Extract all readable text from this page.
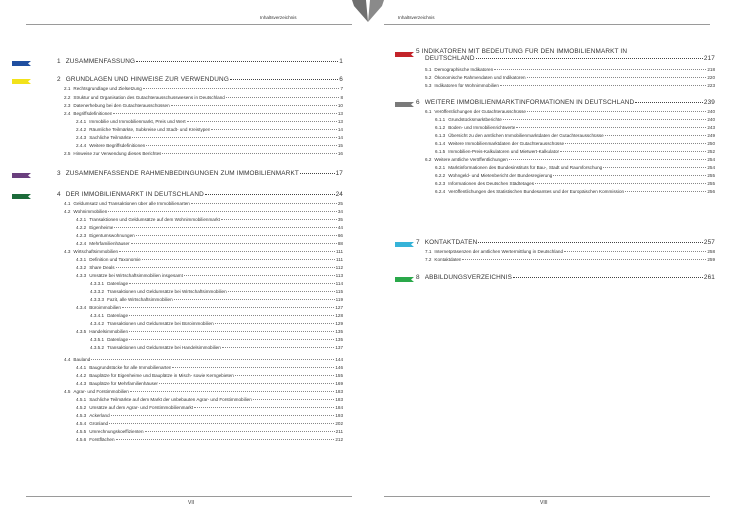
Inhaltsverzeichnis
1 ZUSAMMENFASSUNG	1
2 GRUNDLAGEN UND HINWEISE ZUR VERWENDUNG	6
2.1 Rechtsgrundlage und Zielsetzung	7
2.2 Struktur und Organisation des Gutachterausschusswesens in Deutschland	8
2.3 Datenerhebung bei den Gutachterausschüssen	10
2.4 Begriffsdefinitionen	13
2.4.1 Immobilie und Immobilienmarkt, Preis und Wert	13
2.4.2 Räumliche Teilmärkte, Subkreise und Stadt- und Kreistypen	14
2.4.3 Sachliche Teilmärkte	14
2.4.4 Weitere Begriffsdefinitionen	15
2.5 Hinweise zur Verwendung dieses Berichtes	16
3 ZUSAMMENFASSENDE RAHMENBEDINGUNGEN ZUM IMMOBILIENMARKT	17
4 DER IMMOBILIENMARKT IN DEUTSCHLAND	24
4.1 Geldumsatz und Transaktionen über alle Immobilienarten	25
4.2 Wohnimmobilien	34
4.2.1 Transaktionen und Geldumsätze auf dem Wohnimmobilienmarkt	35
4.2.2 Eigenheime	44
4.2.3 Eigentumswohnungen	66
4.2.4 Mehrfamilienhäuser	88
4.3 Wirtschaftsimmobilien	111
4.3.1 Definition und Taxonomie	111
4.3.2 Share Deals	112
4.3.3 Umsätze bei Wirtschaftsimmobilien insgesamt	113
4.3.3.1 Datenlage	114
4.3.3.2 Transaktionen und Geldumsätze bei Wirtschaftsimmobilien	115
4.3.3.3 Fazit, alle Wirtschaftsimmobilien	119
4.3.4 Büroimmobilien	127
4.3.4.1 Datenlage	128
4.3.4.2 Transaktionen und Geldumsätze bei Büroimmobilien	129
4.3.5 Handelsimmobilien	135
4.3.5.1 Datenlage	135
4.3.5.2 Transaktionen und Geldumsätze bei Handelsimmobilien	137
4.4 Bauland	144
4.4.1 Baugrundstücke für alle Immobilienarten	146
4.4.2 Bauplätze für Eigenheime und Bauplätze in Misch- sowie Kerngebieten	155
4.4.3 Bauplätze für Mehrfamilienhäuser	169
4.5 Agrar- und Forstimmobilien	183
4.5.1 Sachliche Teilmärkte auf dem Markt der unbebauten Agrar- und Forstimmobilien	183
4.5.2 Umsätze auf dem Agrar- und Forstimmobilienmarkt	184
4.5.3 Ackerland	193
4.5.4 Grünland	202
4.5.5 Umrechnungskoeffizienten	211
4.5.6 Forstflächen	212
VII
Inhaltsverzeichnis
5 INDIKATOREN MIT BEDEUTUNG FÜR DEN IMMOBILIENMARKT IN
DEUTSCHLAND	217
5.1 Demographische Indikatoren	218
5.2 Ökonomische Rahmendaten und Indikatoren	220
5.3 Indikatoren für Wohnimmobilien	223
6 WEITERE IMMOBILIENMARKTINFORMATIONEN IN DEUTSCHLAND	239
6.1 Veröffentlichungen der Gutachterausschüsse	240
6.1.1 Grundstücksmarktberichte	240
6.1.2 Boden- und Immobilienrichtwerte	243
6.1.3 Übersicht zu den amtlichen Immobilienmarktdaten der Gutachterausschüsse	249
6.1.4 Weitere Immobilienmarktdaten der Gutachterausschüsse	250
6.1.5 Immobilien-Preis-Kalkulatoren und Mietwert-Kalkulator	252
6.2 Weitere amtliche Veröffentlichungen	254
6.2.1 Marktinformationen des Bundesinstituts für Bau-, Stadt und Raumforschung	254
6.2.2 Wohngeld- und Mietenbericht der Bundesregierung	255
6.2.3 Informationen des Deutschen Städtetages	255
6.2.4 Veröffentlichungen des Statistischen Bundesamtes und der Europäischen Kommission	256
7 KONTAKTDATEN	257
7.1 Internetpräsenzen der amtlichen Wertermittlung in Deutschland	258
7.2 Kontaktdaten	259
8 ABBILDUNGSVERZEICHNIS	261
VIII
